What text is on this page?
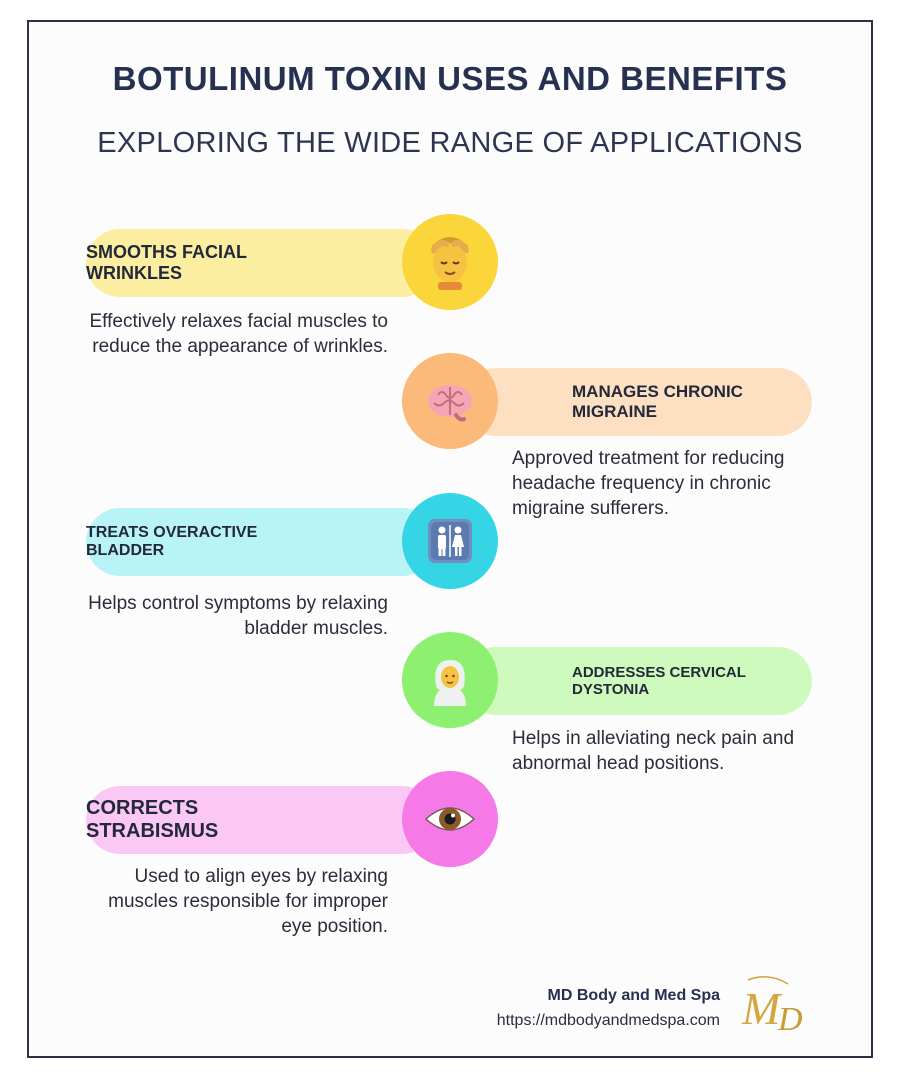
BOTULINUM TOXIN USES AND BENEFITS
EXPLORING THE WIDE RANGE OF APPLICATIONS
SMOOTHS FACIAL WRINKLES
Effectively relaxes facial muscles to reduce the appearance of wrinkles.
MANAGES CHRONIC MIGRAINE
Approved treatment for reducing headache frequency in chronic migraine sufferers.
TREATS OVERACTIVE BLADDER
Helps control symptoms by relaxing bladder muscles.
ADDRESSES CERVICAL DYSTONIA
Helps in alleviating neck pain and abnormal head positions.
CORRECTS STRABISMUS
Used to align eyes by relaxing muscles responsible for improper eye position.
MD Body and Med Spa
https://mdbodyandmedspa.com M
D
